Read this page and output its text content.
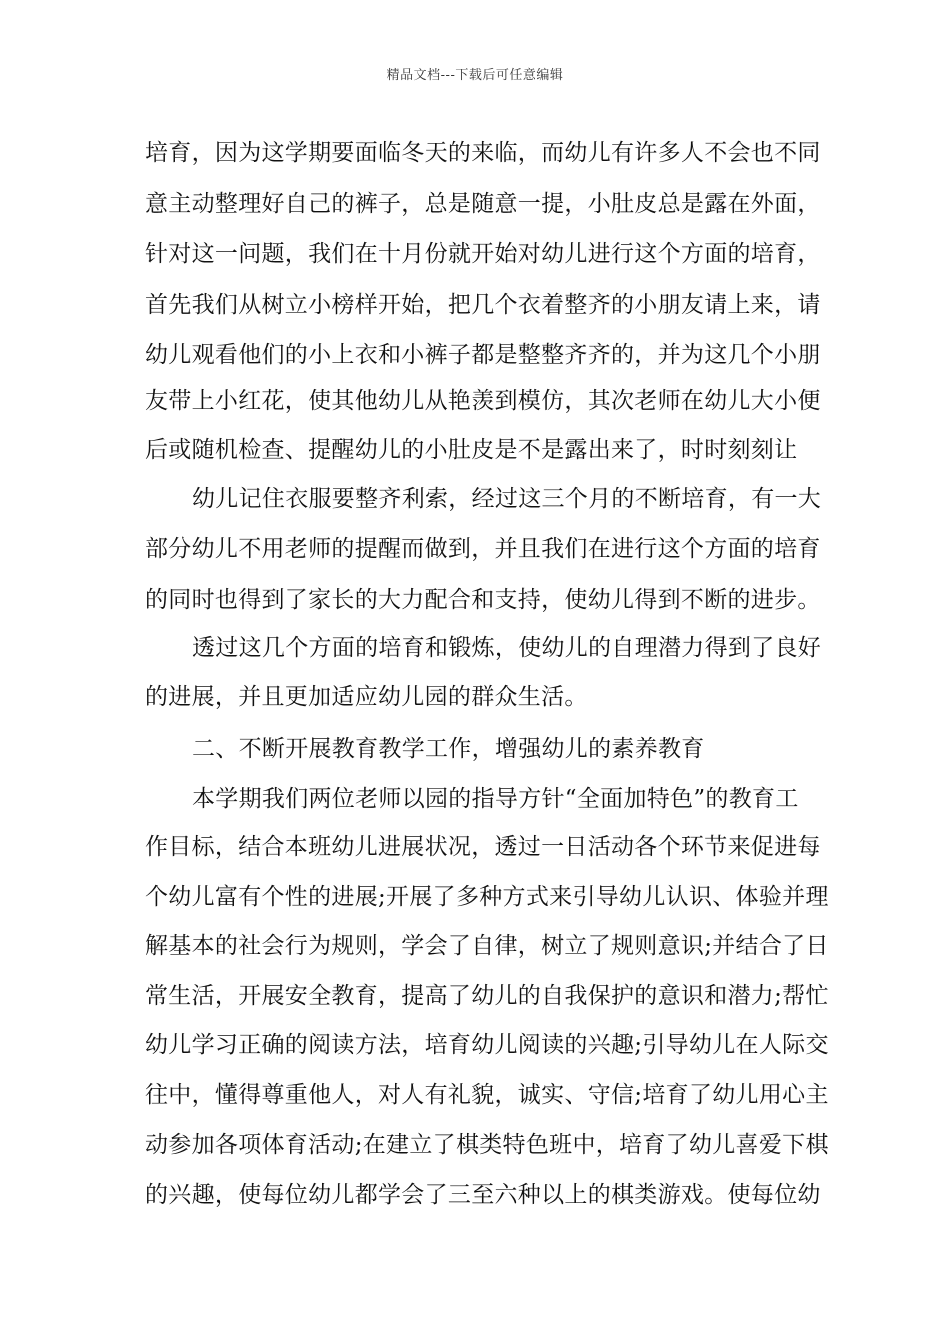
精品文档---下载后可任意编辑
培育，因为这学期要面临冬天的来临，而幼儿有许多人不会也不同
意主动整理好自己的裤子，总是随意一提，小肚皮总是露在外面，
针对这一问题，我们在十月份就开始对幼儿进行这个方面的培育，
首先我们从树立小榜样开始，把几个衣着整齐的小朋友请上来，请
幼儿观看他们的小上衣和小裤子都是整整齐齐的，并为这几个小朋
友带上小红花，使其他幼儿从艳羡到模仿，其次老师在幼儿大小便
后或随机检查、提醒幼儿的小肚皮是不是露出来了，时时刻刻让
幼儿记住衣服要整齐利索，经过这三个月的不断培育，有一大
部分幼儿不用老师的提醒而做到，并且我们在进行这个方面的培育
的同时也得到了家长的大力配合和支持，使幼儿得到不断的进步。
透过这几个方面的培育和锻炼，使幼儿的自理潜力得到了良好
的进展，并且更加适应幼儿园的群众生活。
二、不断开展教育教学工作，增强幼儿的素养教育
本学期我们两位老师以园的指导方针“全面加特色”的教育工
作目标，结合本班幼儿进展状况，透过一日活动各个环节来促进每
个幼儿富有个性的进展;开展了多种方式来引导幼儿认识、体验并理
解基本的社会行为规则，学会了自律，树立了规则意识;并结合了日
常生活，开展安全教育，提高了幼儿的自我保护的意识和潜力;帮忙
幼儿学习正确的阅读方法，培育幼儿阅读的兴趣;引导幼儿在人际交
往中，懂得尊重他人，对人有礼貌，诚实、守信;培育了幼儿用心主
动参加各项体育活动;在建立了棋类特色班中，培育了幼儿喜爱下棋
的兴趣，使每位幼儿都学会了三至六种以上的棋类游戏。使每位幼
